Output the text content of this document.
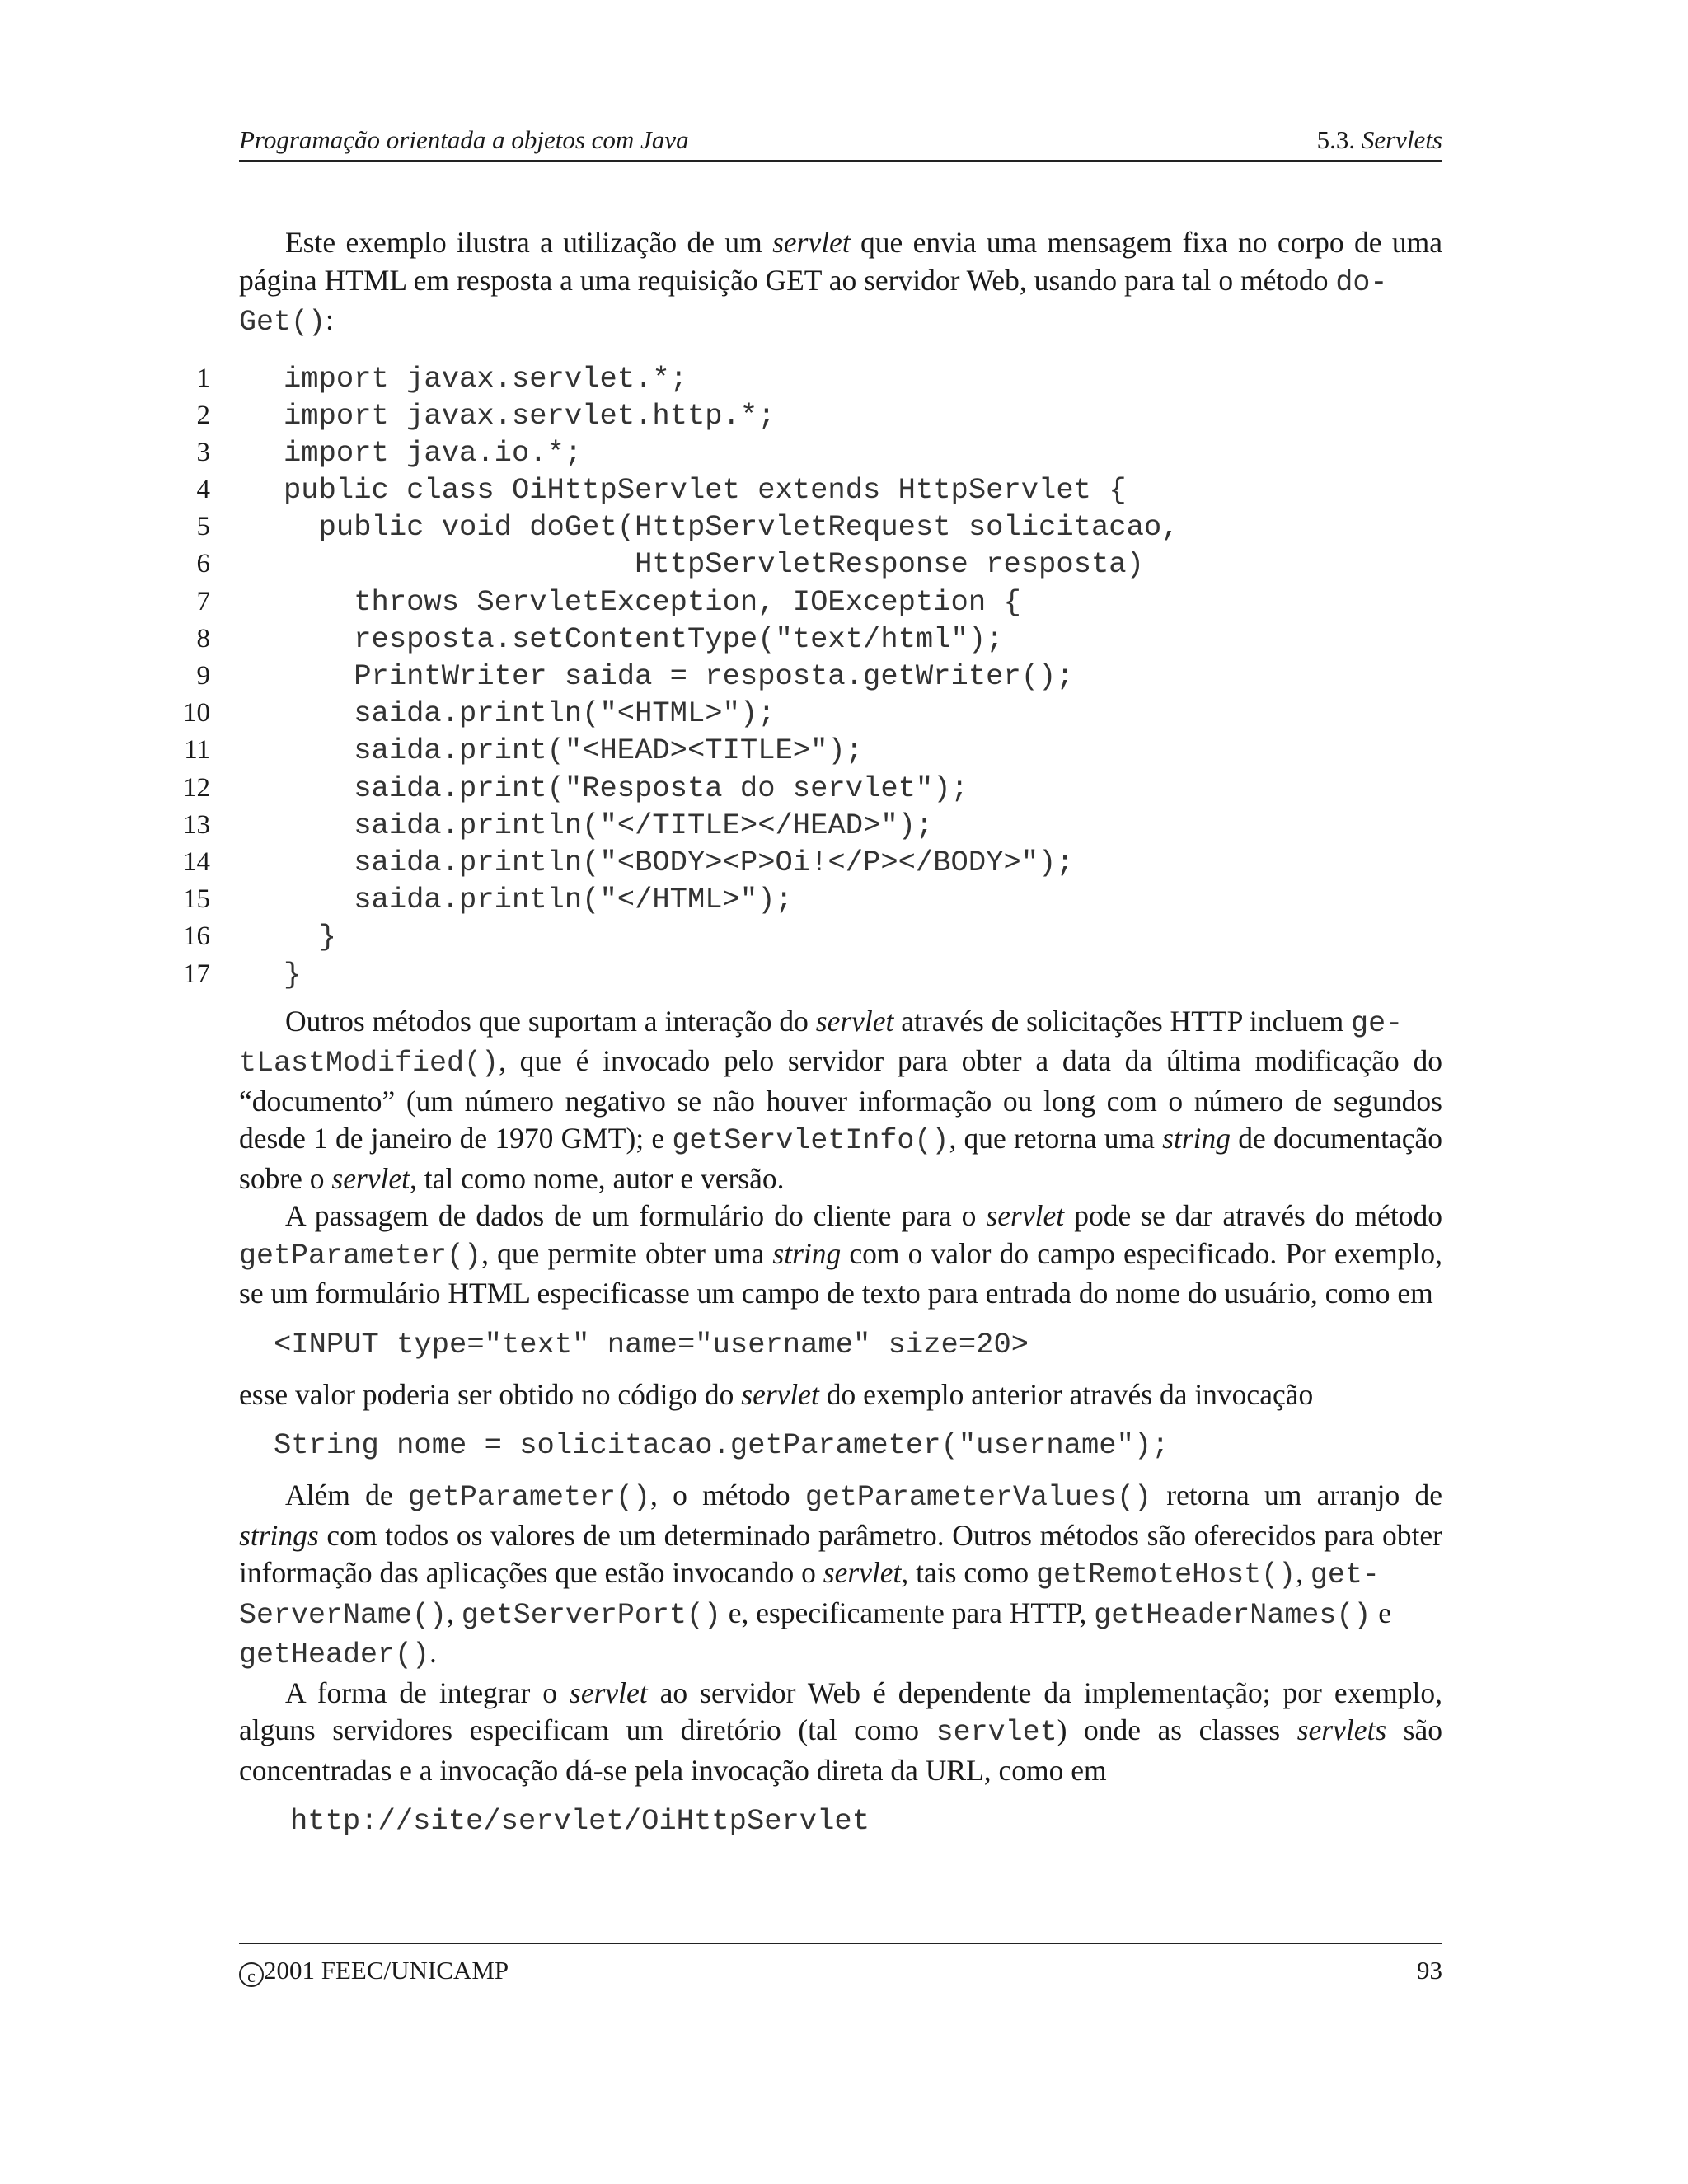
Programação orientada a objetos com Java	5.3. Servlets

Este exemplo ilustra a utilização de um servlet que envia uma mensagem fixa no corpo de uma página HTML em resposta a uma requisição GET ao servidor Web, usando para tal o método do-
Get():

1	import javax.servlet.*;
2	import javax.servlet.http.*;
3	import java.io.*;
4	public class OiHttpServlet extends HttpServlet {
5	public void doGet(HttpServletRequest solicitacao,
6	HttpServletResponse resposta)
7	throws ServletException, IOException {
8	resposta.setContentType("text/html");
9	PrintWriter saida = resposta.getWriter();
10	saida.println("<HTML>");
11	saida.print("<HEAD><TITLE>");
12	saida.print("Resposta do servlet");
13	saida.println("</TITLE></HEAD>");
14	saida.println("<BODY><P>Oi!</P></BODY>");
15	saida.println("</HTML>");
16	}
17	}

Outros métodos que suportam a interação do servlet através de solicitações HTTP incluem ge-
tLastModified(), que é invocado pelo servidor para obter a data da última modificação do “documento” (um número negativo se não houver informação ou long com o número de segundos desde 1 de janeiro de 1970 GMT); e getServletInfo(), que retorna uma string de documentação sobre o servlet, tal como nome, autor e versão.

A passagem de dados de um formulário do cliente para o servlet pode se dar através do método getParameter(), que permite obter uma string com o valor do campo especificado. Por exemplo, se um formulário HTML especificasse um campo de texto para entrada do nome do usuário, como em

<INPUT type="text" name="username" size=20>

esse valor poderia ser obtido no código do servlet do exemplo anterior através da invocação

String nome = solicitacao.getParameter("username");

Além de getParameter(), o método getParameterValues() retorna um arranjo de strings com todos os valores de um determinado parâmetro. Outros métodos são oferecidos para obter informação das aplicações que estão invocando o servlet, tais como getRemoteHost(), get-
ServerName(), getServerPort() e, especificamente para HTTP, getHeaderNames() e
getHeader().

A forma de integrar o servlet ao servidor Web é dependente da implementação; por exemplo, alguns servidores especificam um diretório (tal como servlet) onde as classes servlets são concentradas e a invocação dá-se pela invocação direta da URL, como em

http://site/servlet/OiHttpServlet
c 2001 FEEC/UNICAMP	93
